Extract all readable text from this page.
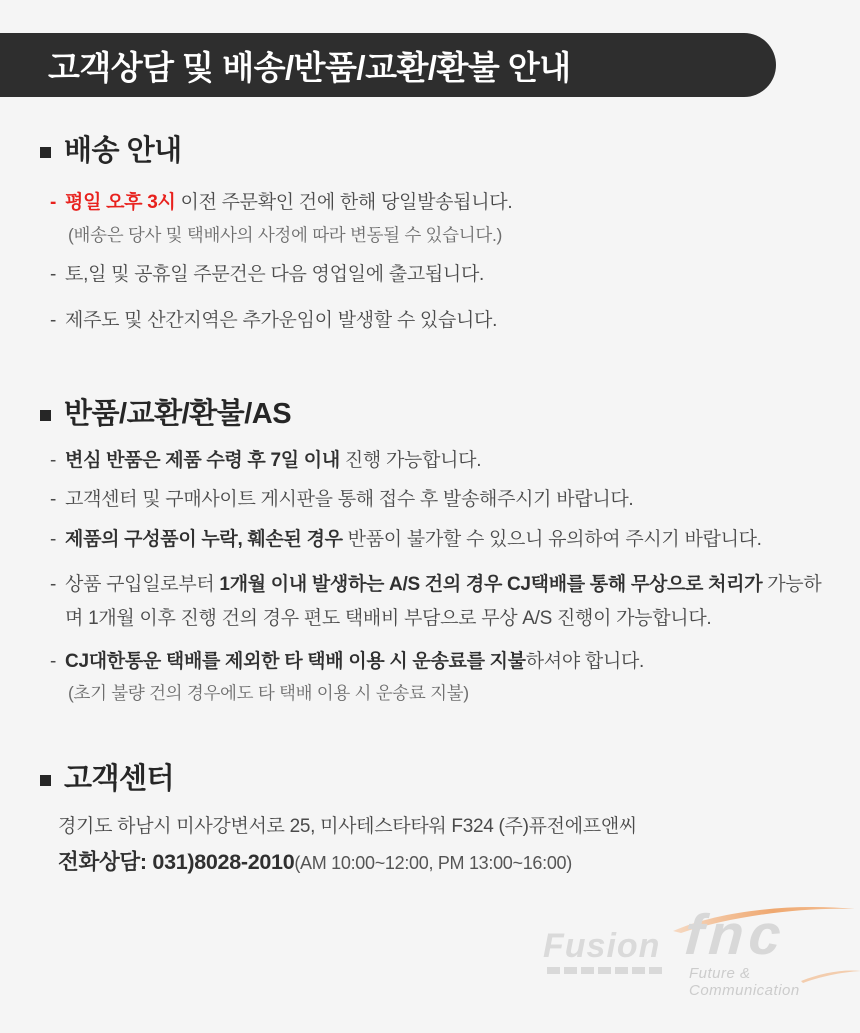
고객상담 및 배송/반품/교환/환불 안내
배송 안내
- 평일 오후 3시 이전 주문확인 건에 한해 당일발송됩니다.

(배송은 당사 및 택배사의 사정에 따라 변동될 수 있습니다.)
- 토,일 및 공휴일 주문건은 다음 영업일에 출고됩니다.

- 제주도 및 산간지역은 추가운임이 발생할 수 있습니다.

반품/교환/환불/AS
- 변심 반품은 제품 수령 후 7일 이내 진행 가능합니다.

- 고객센터 및 구매사이트 게시판을 통해 접수 후 발송해주시기 바랍니다.

- 제품의 구성품이 누락, 훼손된 경우 반품이 불가할 수 있으니 유의하여 주시기 바랍니다.

- 상품 구입일로부터 1개월 이내 발생하는 A/S 건의 경우 CJ택배를 통해 무상으로 처리가 가능하며 1개월 이후 진행 건의 경우 편도 택배비 부담으로 무상 A/S 진행이 가능합니다.

- CJ대한통운 택배를 제외한 타 택배 이용 시 운송료를 지불하셔야 합니다.

(초기 불량 건의 경우에도 타 택배 이용 시 운송료 지불)
고객센터
경기도 하남시 미사강변서로 25, 미사테스타타워 F324 (주)퓨전에프앤씨
전화상담: 031)8028-2010 (AM 10:00~12:00, PM 13:00~16:00)
Fusion fnc
Future & Communication
